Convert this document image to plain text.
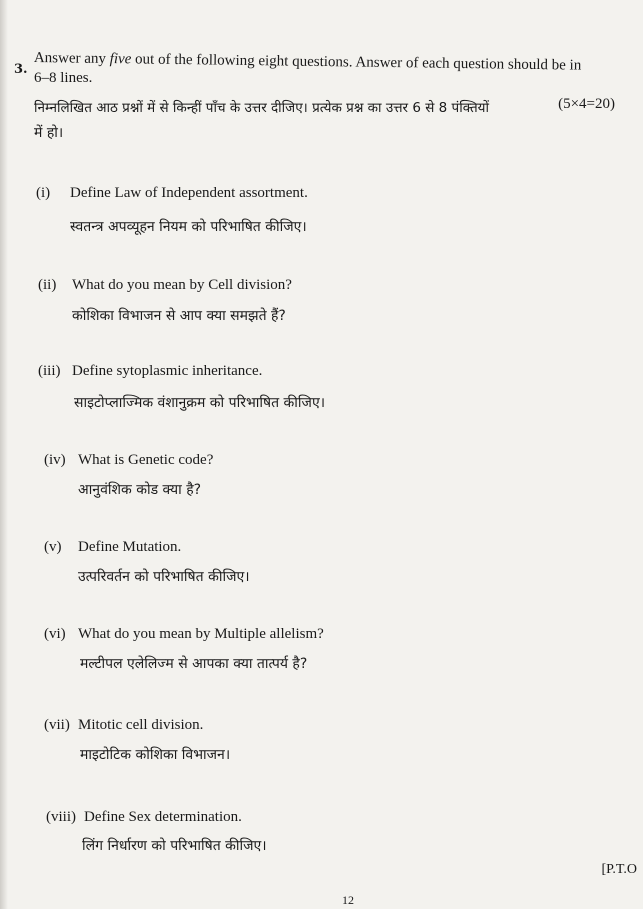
3.
Answer any five out of the following eight questions. Answer of each question should be in
6–8 lines.
निम्नलिखित आठ प्रश्नों में से किन्हीं पाँच के उत्तर दीजिए। प्रत्येक प्रश्न का उत्तर 6 से 8 पंक्तियों	(5×4=20)
में हो।
(i) Define Law of Independent assortment.
स्वतन्त्र अपव्यूहन नियम को परिभाषित कीजिए।
(ii) What do you mean by Cell division?
कोशिका विभाजन से आप क्या समझते हैं?
(iii) Define sytoplasmic inheritance.
साइटोप्लाज्मिक वंशानुक्रम को परिभाषित कीजिए।
(iv) What is Genetic code?
आनुवंशिक कोड क्या है?
(v) Define Mutation.
उत्परिवर्तन को परिभाषित कीजिए।
(vi) What do you mean by Multiple allelism?
मल्टीपल एलेलिज्म से आपका क्या तात्पर्य है?
(vii) Mitotic cell division.
माइटोटिक कोशिका विभाजन।
(viii) Define Sex determination.
लिंग निर्धारण को परिभाषित कीजिए।
[P.T.O
12
